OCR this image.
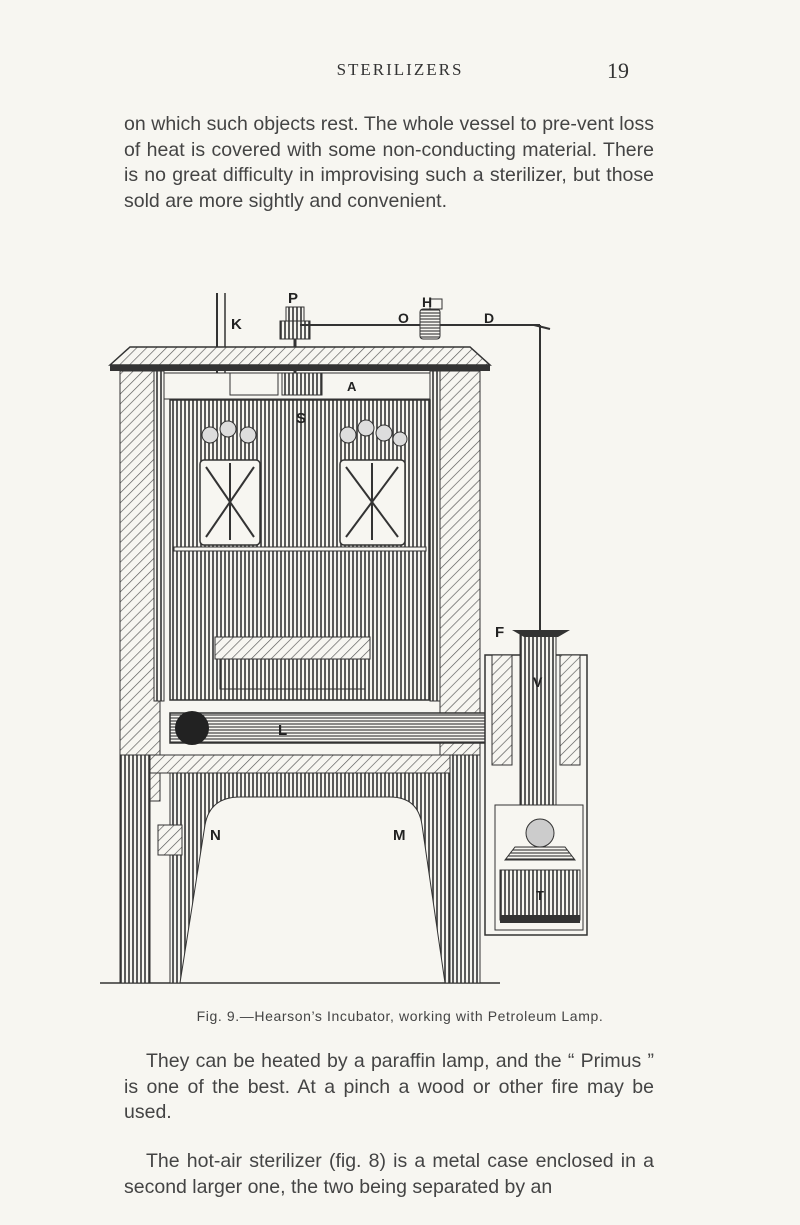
STERILIZERS	19

on which such objects rest. The whole vessel to pre-vent loss of heat is covered with some non-conducting material. There is no great difficulty in improvising such a sterilizer, but those sold are more sightly and convenient.

P
K	O
H
D
A
S
F
V
L
N	M
T
Fig. 9.—Hearson’s Incubator, working with Petroleum Lamp.

They can be heated by a paraffin lamp, and the “ Primus ” is one of the best. At a pinch a wood or other fire may be used.

The hot-air sterilizer (fig. 8) is a metal case enclosed in a second larger one, the two being separated by an
